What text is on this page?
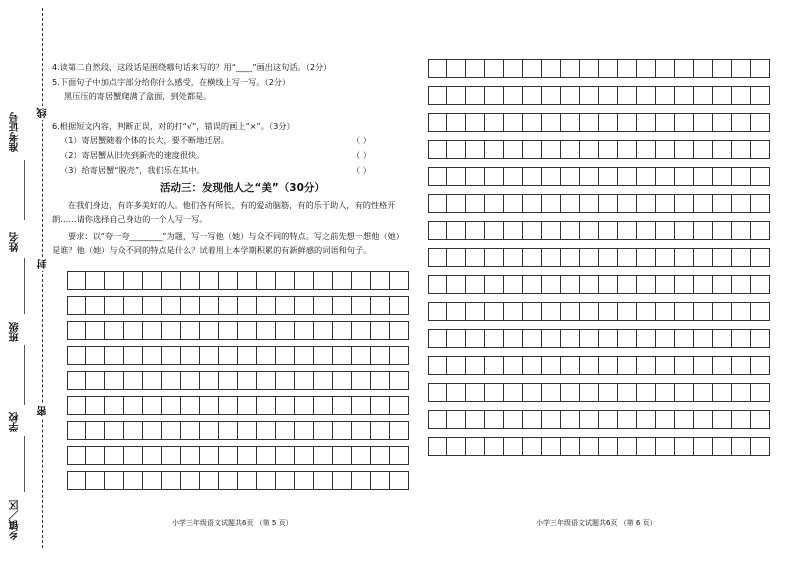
准考证号
姓名
班级
学校
乡镇／区
线
封
密
4.读第二自然段，这段话是围绕哪句话来写的？用“____”画出这句话。（2分）
5.下面句子中加点字部分给你什么感受，在横线上写一写。（2分）
黑压压的寄居蟹爬满了盒面，到处都是。
6.根据短文内容，判断正误，对的打“√”，错误的画上“×”。（3分）
（1）寄居蟹随着个体的长大，要不断地迁居。
（2）寄居蟹从旧壳到新壳的速度很快。
（3）给寄居蟹“脱壳”，我们乐在其中。
（ ）
（ ）
（ ）
活动三：发现他人之“美”（30分）
在我们身边，有许多美好的人。他们各有所长，有的爱动脑筋，有的乐于助人，有的性格开朗……请你选择自己身边的一个人写一写。
要求：以“夸一夸________”为题，写一写他（她）与众不同的特点。写之前先想一想他（她）是谁？他（她）与众不同的特点是什么？试着用上本学期积累的有新鲜感的词语和句子。
小学三年级语文试题共6页 （第 5 页）	小学三年级语文试题共6页 （第 6 页）
